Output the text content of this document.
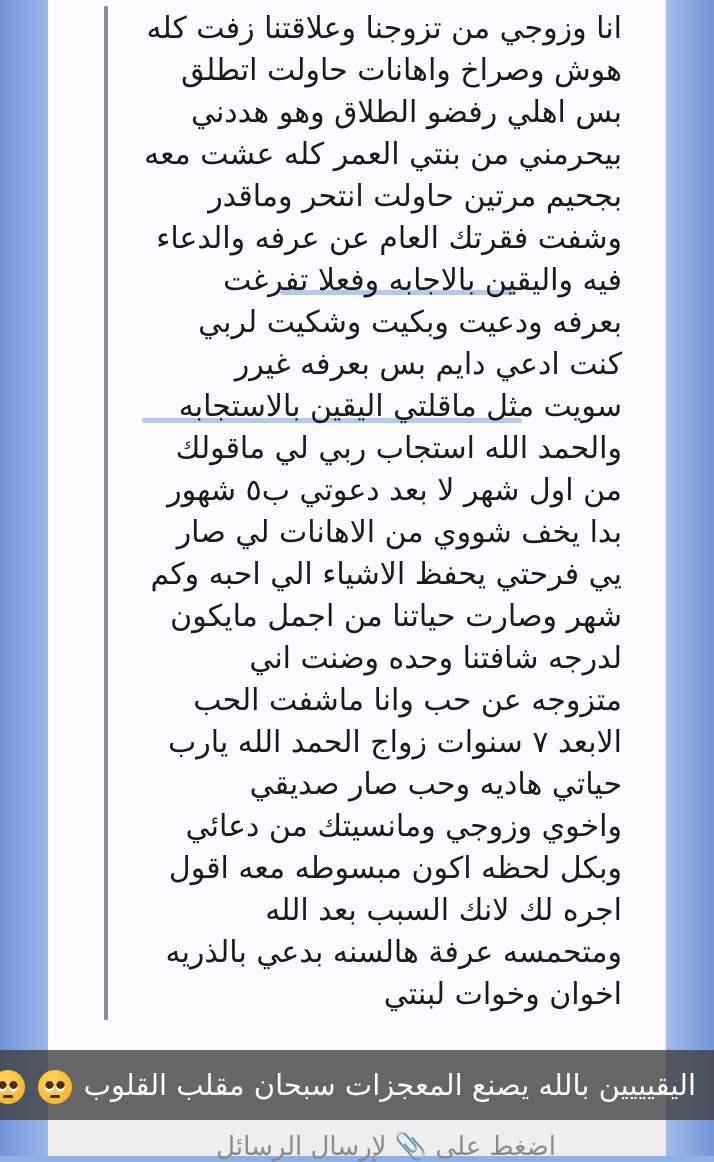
انا وزوجي من تزوجنا وعلاقتنا زفت كله
هوش وصراخ واهانات حاولت اتطلق
بس اهلي رفضو الطلاق وهو هددني
بيحرمني من بنتي العمر كله عشت معه
بجحيم مرتين حاولت انتحر وماقدر
وشفت فقرتك العام عن عرفه والدعاء
فيه واليقين بالاجابه وفعلا تفرغت
بعرفه ودعيت وبكيت وشكيت لربي
كنت ادعي دايم بس بعرفه غيرر
سويت مثل ماقلتي اليقين بالاستجابه
والحمد الله استجاب ربي لي ماقولك
من اول شهر لا بعد دعوتي ب٥ شهور
بدا يخف شووي من الاهانات لي صار
يي فرحتي يحفظ الاشياء الي احبه وكم
شهر وصارت حياتنا من اجمل مايكون
لدرجه شافتنا وحده وضنت اني
متزوجه عن حب وانا ماشفت الحب
الابعد ٧ سنوات زواج الحمد الله يارب
حياتي هاديه وحب صار صديقي
واخوي وزوجي ومانسيتك من دعائي
وبكل لحظه اكون مبسوطه معه اقول
اجره لك لانك السبب بعد الله
ومتحمسه عرفة هالسنه بدعي بالذريه
اخوان وخوات لبنتي
اليقيييين بالله يصنع المعجزات سبحان مقلب القلوب

اضغط على 📎 لإرسال الرسائل
